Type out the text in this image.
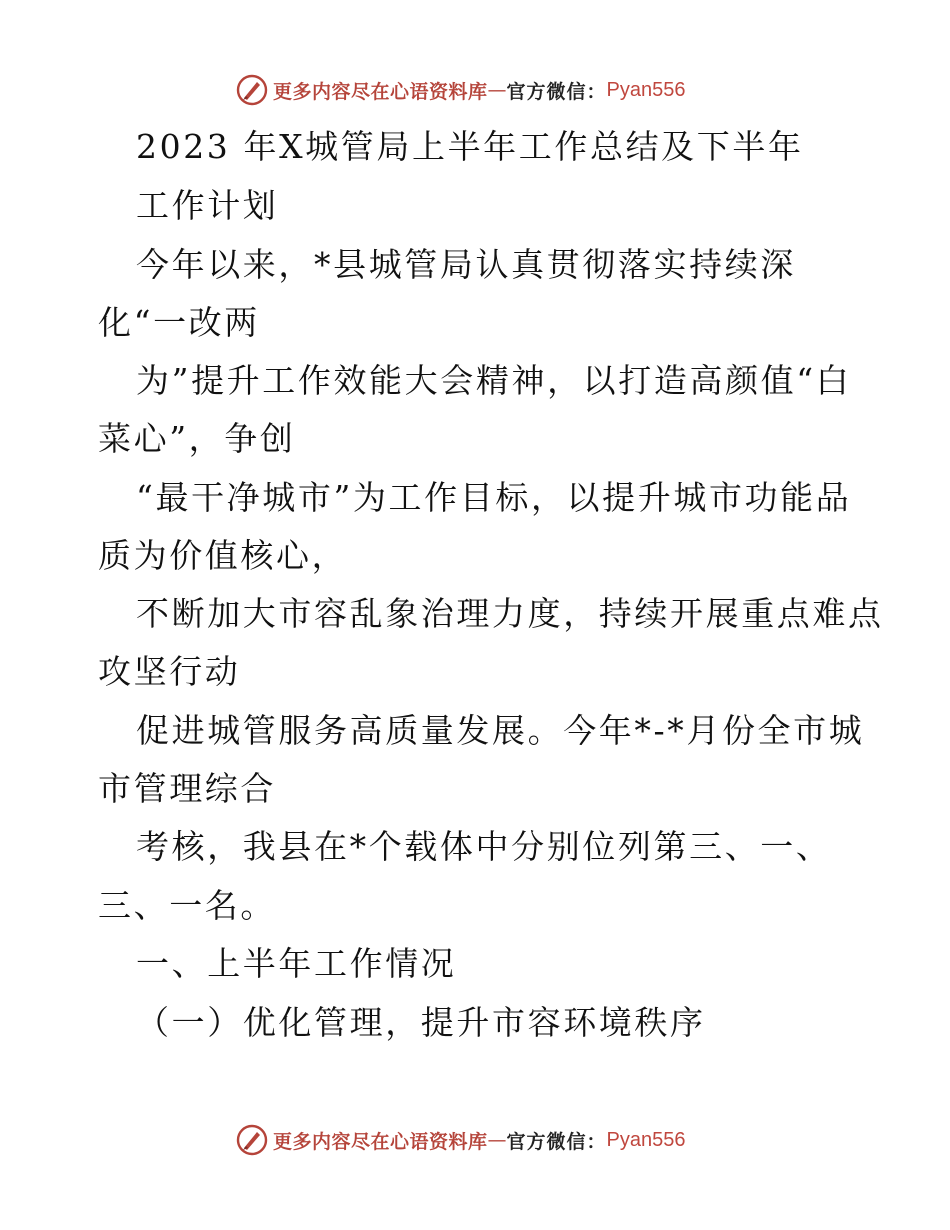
更多内容尽在心语资料库 — 官方微信： Pyan556
2023 年X城管局上半年工作总结及下半年
工作计划
今年以来，*县城管局认真贯彻落实持续深
化“一改两
为”提升工作效能大会精神，以打造高颜值“白
菜心”，争创
“最干净城市”为工作目标，以提升城市功能品
质为价值核心，
不断加大市容乱象治理力度，持续开展重点难点
攻坚行动
促进城管服务高质量发展。今年*-*月份全市城
市管理综合
考核，我县在*个载体中分别位列第三、一、
三、一名。
一、上半年工作情况
（一）优化管理，提升市容环境秩序
更多内容尽在心语资料库 — 官方微信： Pyan556
